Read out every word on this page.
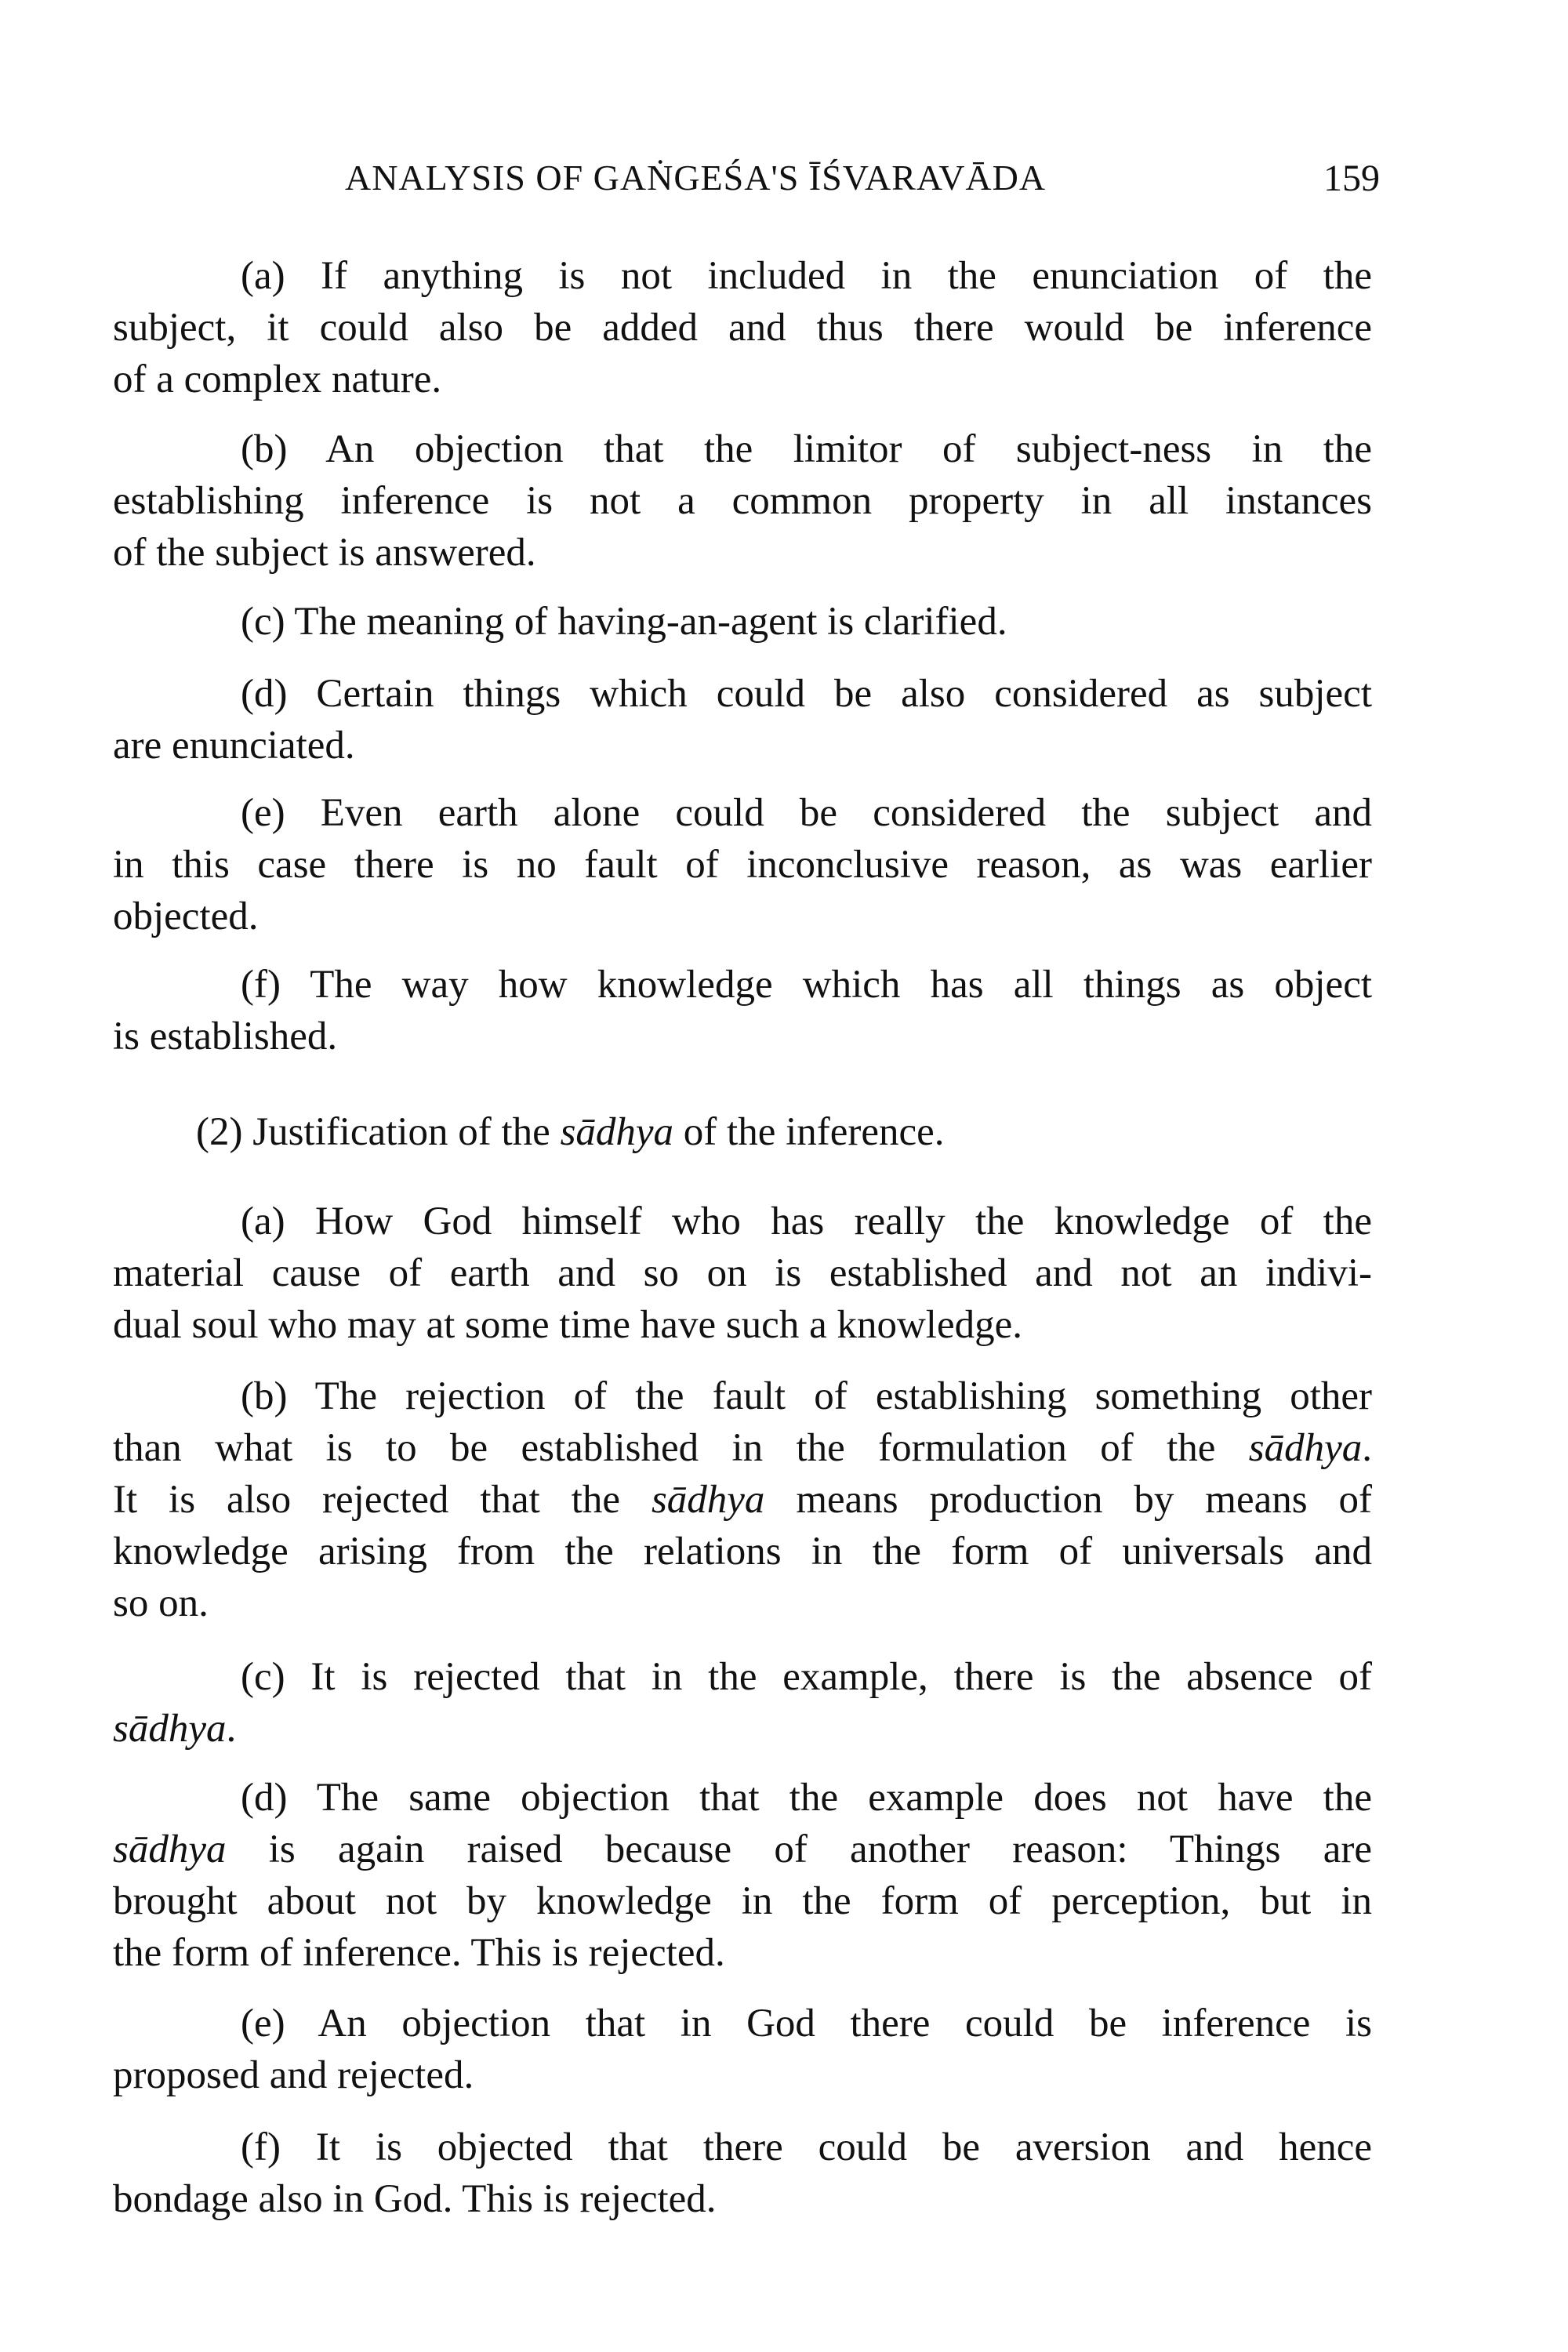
ANALYSIS OF GAṄGEŚA'S ĪŚVARAVĀDA	159
(a) If anything is not included in the enunciation of the
subject, it could also be added and thus there would be inference
of a complex nature.
(b) An objection that the limitor of subject-ness in the
establishing inference is not a common property in all instances
of the subject is answered.
(c) The meaning of having-an-agent is clarified.
(d) Certain things which could be also considered as subject
are enunciated.
(e) Even earth alone could be considered the subject and
in this case there is no fault of inconclusive reason, as was earlier
objected.
(f) The way how knowledge which has all things as object
is established.
(2) Justification of the sādhya of the inference.
(a) How God himself who has really the knowledge of the
material cause of earth and so on is established and not an indivi-
dual soul who may at some time have such a knowledge.
(b) The rejection of the fault of establishing something other
than what is to be established in the formulation of the sādhya.
It is also rejected that the sādhya means production by means of
knowledge arising from the relations in the form of universals and
so on.
(c) It is rejected that in the example, there is the absence of
sādhya.
(d) The same objection that the example does not have the
sādhya is again raised because of another reason: Things are
brought about not by knowledge in the form of perception, but in
the form of inference. This is rejected.
(e) An objection that in God there could be inference is
proposed and rejected.
(f) It is objected that there could be aversion and hence
bondage also in God. This is rejected.
